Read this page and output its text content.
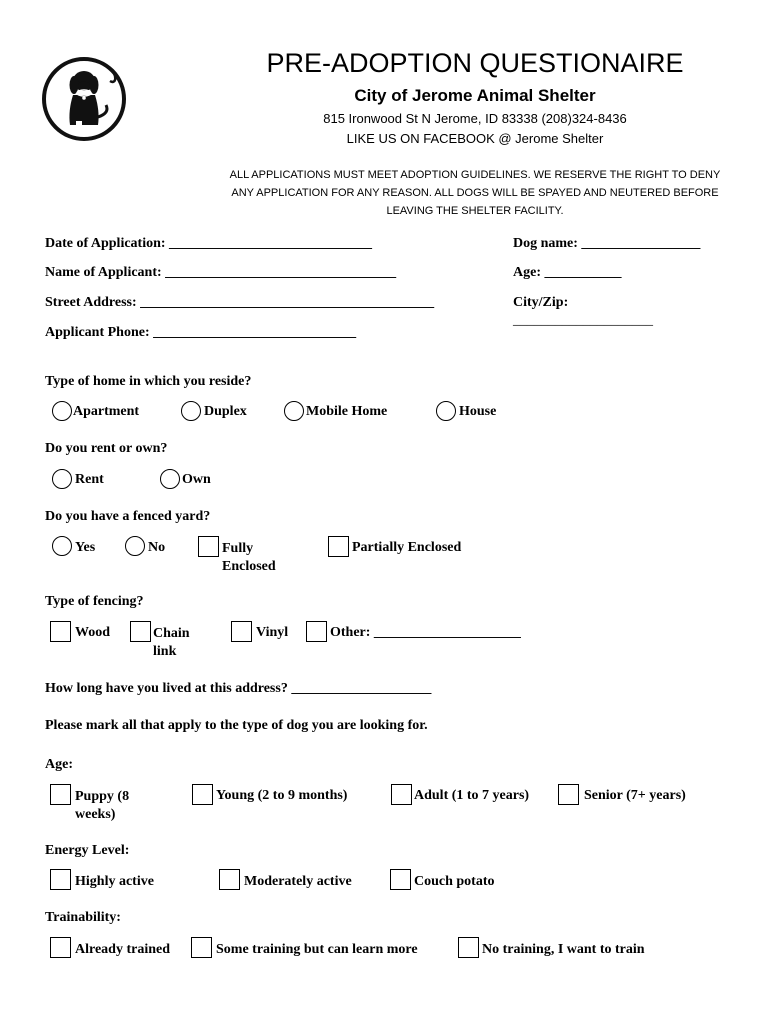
PRE-ADOPTION QUESTIONAIRE
City of Jerome Animal Shelter
815 Ironwood St N Jerome, ID 83338 (208)324-8436
LIKE US ON FACEBOOK @ Jerome Shelter
ALL APPLICATIONS MUST MEET ADOPTION GUIDELINES. WE RESERVE THE RIGHT TO DENY ANY APPLICATION FOR ANY REASON. ALL DOGS WILL BE SPAYED AND NEUTERED BEFORE LEAVING THE SHELTER FACILITY.
Date of Application: _____________________________
Name of Applicant: _________________________________
Street Address: __________________________________________
Applicant Phone: _____________________________
Dog name: _________________
Age: ___________
City/Zip:
____________________
Type of home in which you reside?
Apartment	Duplex	Mobile Home	House
Do you rent or own?
Rent	Own
Do you have a fenced yard?
Yes	No	Fully Enclosed
Partially Enclosed
Type of fencing?
Wood	Chain link
Vinyl	Other: _____________________
How long have you lived at this address? ____________________
Please mark all that apply to the type of dog you are looking for.
Age:
Puppy (8 weeks)
Young (2 to 9 months)	Adult (1 to 7 years)	Senior (7+ years)
Energy Level:
Highly active	Moderately active	Couch potato
Trainability:
Already trained	Some training but can learn more	No training, I want to train
